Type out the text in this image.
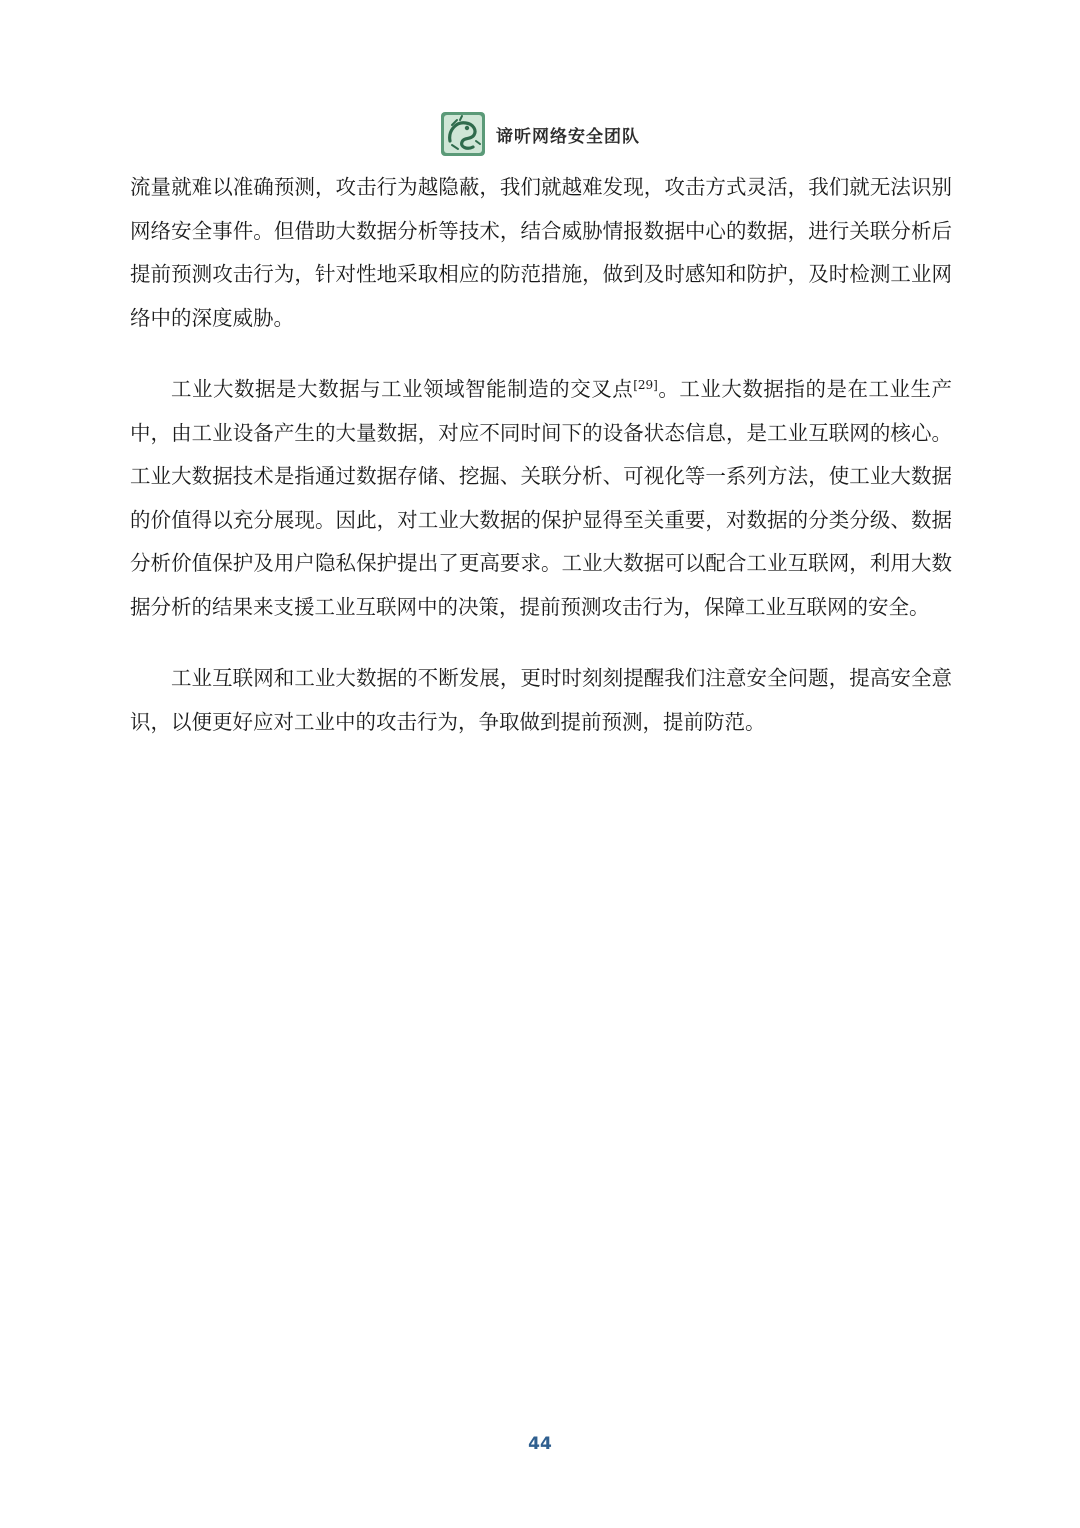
谛听网络安全团队

流量就难以准确预测，攻击行为越隐蔽，我们就越难发现，攻击方式灵活，我们就无法识别网络安全事件。但借助大数据分析等技术，结合威胁情报数据中心的数据，进行关联分析后提前预测攻击行为，针对性地采取相应的防范措施，做到及时感知和防护，及时检测工业网络中的深度威胁。

工业大数据是大数据与工业领域智能制造的交叉点[29]。工业大数据指的是在工业生产中，由工业设备产生的大量数据，对应不同时间下的设备状态信息，是工业互联网的核心。工业大数据技术是指通过数据存储、挖掘、关联分析、可视化等一系列方法，使工业大数据的价值得以充分展现。因此，对工业大数据的保护显得至关重要，对数据的分类分级、数据分析价值保护及用户隐私保护提出了更高要求。工业大数据可以配合工业互联网，利用大数据分析的结果来支援工业互联网中的决策，提前预测攻击行为，保障工业互联网的安全。

工业互联网和工业大数据的不断发展，更时时刻刻提醒我们注意安全问题，提高安全意识，以便更好应对工业中的攻击行为，争取做到提前预测，提前防范。

44
